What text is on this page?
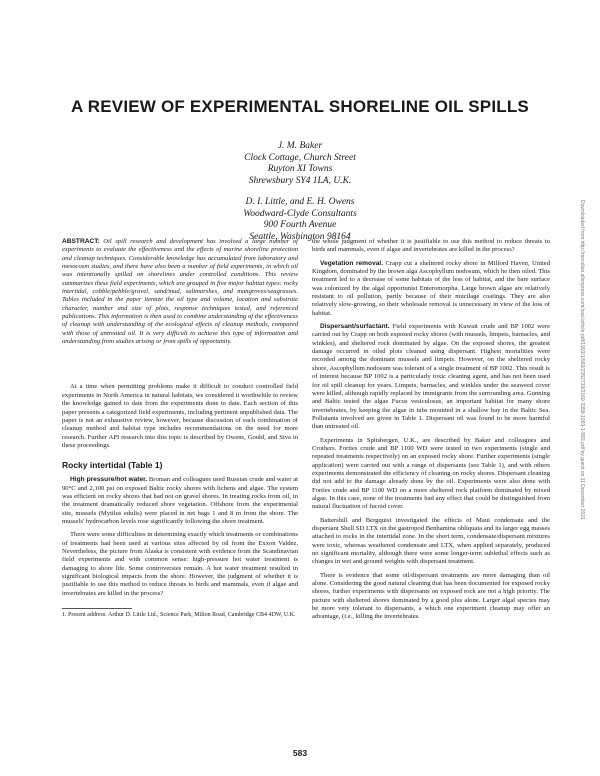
A REVIEW OF EXPERIMENTAL SHORELINE OIL SPILLS
J. M. Baker
Clock Cottage, Church Street
Ruyton XI Towns
Shrewsbury SY4 1LA, U.K.
D. I. Little, and E. H. Owens
Woodward-Clyde Consultants
900 Fourth Avenue
Seattle, Washington 98164

ABSTRACT: Oil spill research and development has involved a large number of experiments to evaluate the effectiveness and the effects of marine shoreline protection and cleanup techniques. Considerable knowledge has accumulated from laboratory and mesocosm studies, and there have also been a number of field experiments, in which oil was intentionally spilled on shorelines under controlled conditions. This review summarizes these field experiments, which are grouped in five major habitat types: rocky intertidal, cobble/pebble/gravel, sand/mud, saltmarshes, and mangroves/seagrasses. Tables included in the paper itemize the oil type and volume, location and substrate character, number and size of plots, response techniques tested, and referenced publications. This information is then used to combine understanding of the effectiveness of cleanup with understanding of the ecological effects of cleanup methods, compared with those of untreated oil. It is very difficult to achieve this type of information and understanding from studies arising or from spills of opportunity.

At a time when permitting problems make it difficult to conduct controlled field experiments in North America in natural habitats, we considered it worthwhile to review the knowledge gained to date from the experiments done to date. Each section of this paper presents a categorized field experiments, including pertinent unpublished data. The paper is not an exhaustive review, however, because discussion of each combination of cleanup method and habitat type includes recommendations on the need for more research. Further API research into this topic is described by Owens, Gould, and Siva in these proceedings.

Rocky intertidal (Table 1)

High pressure/hot water. Broman and colleagues used Russian crude and water at 90°C and 2,100 psi on exposed Baltic rocky shores with lichens and algae. The system was efficient on rocky shores that had not on gravel shores. In treating rocks from oil, in the treatment dramatically reduced shore vegetation. Offshore from the experimental site, mussels (Mytilus edulis) were placed in net bags 1 and 8 m from the shore. The mussels' hydrocarbon levels rose significantly following the shore treatment.

There were some difficulties in determining exactly which treatments or combinations of treatments had been used at various sites affected by oil from the Exxon Valdez. Nevertheless, the picture from Alaska is consistent with evidence from the Scandinavian field experiments and with common sense: high-pressure hot water treatment is damaging to shore life. Some controversies remain. A hot water treatment resulted in significant biological impacts from the shore. However, the judgment of whether it is justifiable to use this method to reduce threats to birds and mammals, even if algae and invertebrates are killed in the process?

1. Present address: Arthur D. Little Ltd., Science Park, Milton Road, Cambridge CB4 4DW, U.K.

the whole judgment of whether it is justifiable to use this method to reduce threats to birds and mammals, even if algae and invertebrates are killed in the process?

Vegetation removal. Crapp cut a sheltered rocky shore in Milford Haven, United Kingdom, dominated by the brown alga Ascophyllum nodosum, which he then oiled. This treatment led to a decrease of some habitats of the less of habitat, and the bare surface was colonized by the algal opportunist Enteromorpha. Large brown algae are relatively resistant to oil pollution, partly because of their mucilage coatings. They are also relatively slow-growing, so their wholesale removal is unnecessary in view of the loss of habitat.

Dispersant/surfactant. Field experiments with Kuwait crude and BP 1002 were carried out by Crapp on both exposed rocky shores (with mussels, limpets, barnacles, and winkles), and sheltered rock dominated by algae. On the exposed shores, the greatest damage occurred in oiled plots cleaned using dispersant. Highest mortalities were recorded among the dominant mussels and limpets. However, on the sheltered rocky shore, Ascophyllum nodosum was tolerant of a single treatment of BP 1002. This result is of interest because BP 1002 is a particularly toxic cleaning agent, and has not been used for oil spill cleanup for years. Limpets, barnacles, and winkles under the seaweed cover were killed, although rapidly replaced by immigrants from the surrounding area. Gunning and Baltic tested the algae Fucus vesiculosus, an important habitat for many shore invertebrates, by keeping the algae in tubs mounted in a shallow bay in the Baltic Sea. Pollutants involved are given in Table 1. Dispersant oil was found to be more harmful than untreated oil.

Experiments in Spitsbergen, U.K., are described by Baker and colleagues and Crothers. Forties crude and BP 1100 WD were tested in two experiments (single and repeated treatments respectively) on an exposed rocky shore. Further experiments (single application) were carried out with a range of dispersants (see Table 1), and with others experiments demonstrated the efficiency of cleaning on rocky shores. Dispersant cleaning did not add to the damage already done by the oil. Experiments were also done with Forties crude and BP 1100 WD on a more sheltered rock platform dominated by mixed algae. In this case, none of the treatments had any effect that could be distinguished from natural fluctuation of fucoid cover.

Battershill and Bergquist investigated the effects of Maui condensate and the dispersant Shell SD LTX on the gastropod Benhamina obliquata and its larger egg masses attached to rocks in the intertidal zone. In the short term, condensate/dispersant mixtures were toxic, whereas weathered condensate and LTX, when applied separately, produced no significant mortality, although there were some longer-term sublethal effects such as changes in wet and ground weights with dispersant treatment.

There is evidence that some oil/dispersant treatments are more damaging than oil alone. Considering the good natural cleaning that has been documented for exposed rocky shores, further experiments with dispersants on exposed rock are not a high priority. The picture with sheltered shores dominated by a good plus alone. Larger algal species may be more vety tolerant to dispersants, a which one experiment cleanup may offer an advantage, (i.e., killing the invertebrates.

583
Downloaded from http://meridian.allenpress.com/iosc/article-pdf/1993/1/583/2352739/2169-3358-1993-1-583.pdf by guest on 11 December 2021
